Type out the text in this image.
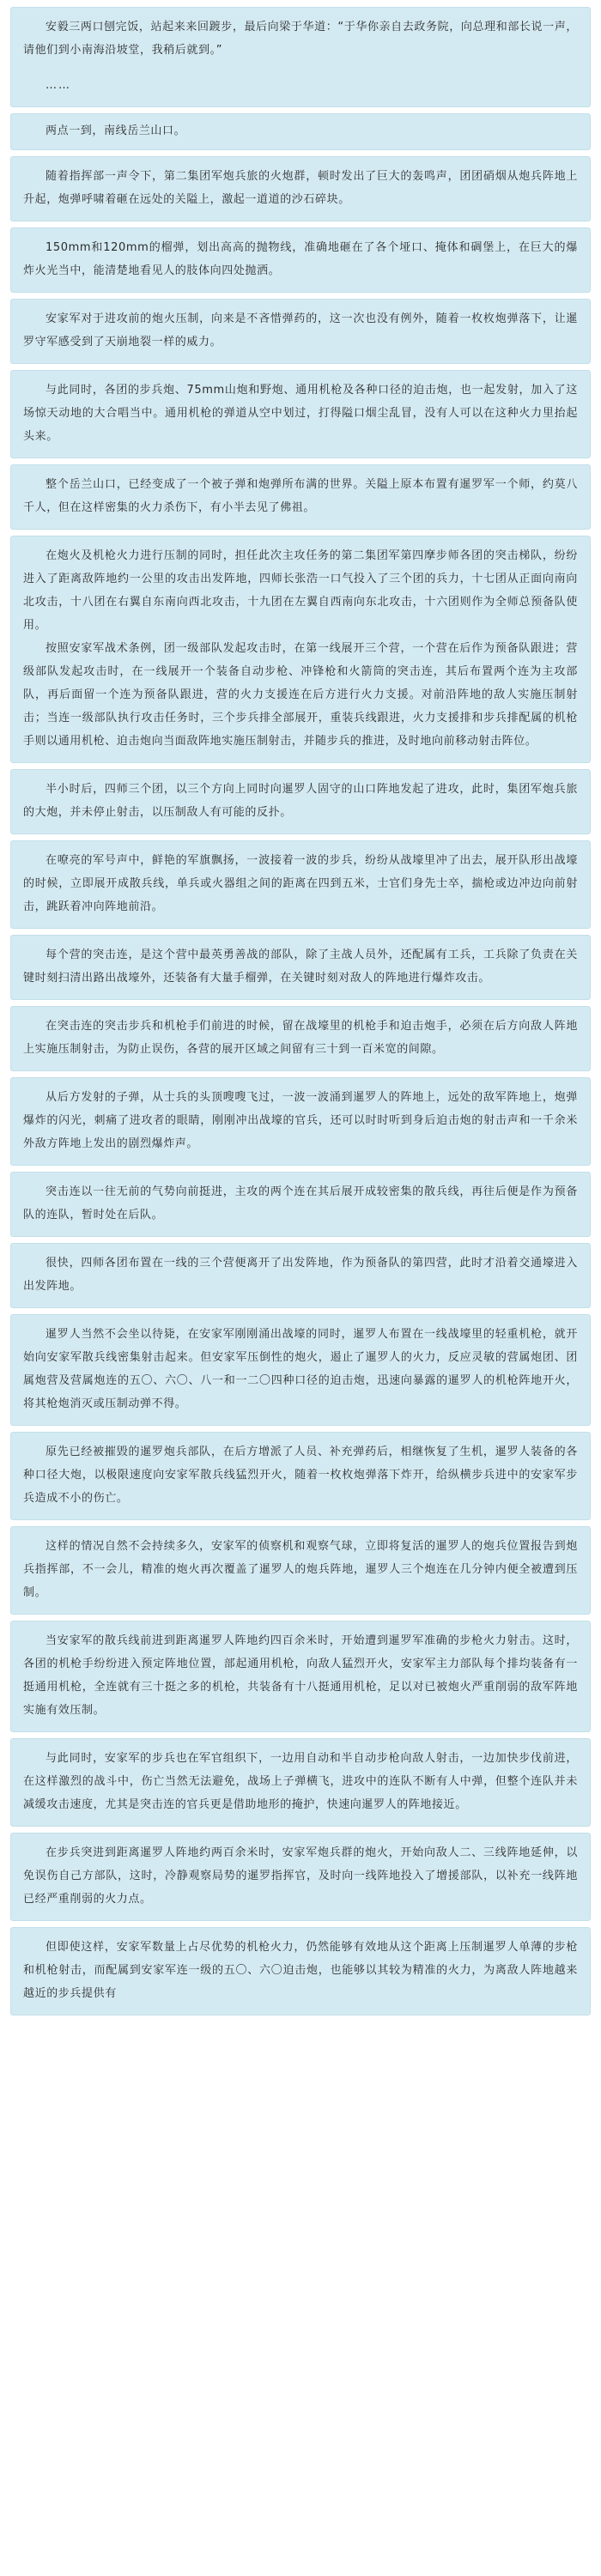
安毅三两口刨完饭，站起来来回踱步，最后向梁于华道：“于华你亲自去政务院，向总理和部长说一声，请他们到小南海沿坡堂，我稍后就到。”

……

两点一到，南线岳兰山口。

随着指挥部一声令下，第二集团军炮兵旅的火炮群，顿时发出了巨大的轰鸣声，团团硝烟从炮兵阵地上升起，炮弹呼啸着砸在远处的关隘上，激起一道道的沙石碎块。

150mm和120mm的榴弹，划出高高的抛物线，准确地砸在了各个垭口、掩体和碉堡上，在巨大的爆炸火光当中，能清楚地看见人的肢体向四处抛洒。

安家军对于进攻前的炮火压制，向来是不吝惜弹药的，这一次也没有例外，随着一枚枚炮弹落下，让暹罗守军感受到了天崩地裂一样的威力。

与此同时，各团的步兵炮、75mm山炮和野炮、通用机枪及各种口径的迫击炮，也一起发射，加入了这场惊天动地的大合唱当中。通用机枪的弹道从空中划过，打得隘口烟尘乱冒，没有人可以在这种火力里抬起头来。

整个岳兰山口，已经变成了一个被子弹和炮弹所布满的世界。关隘上原本布置有暹罗军一个师，约莫八千人，但在这样密集的火力杀伤下，有小半去见了佛祖。

在炮火及机枪火力进行压制的同时，担任此次主攻任务的第二集团军第四摩步师各团的突击梯队，纷纷进入了距离敌阵地约一公里的攻击出发阵地，四师长张浩一口气投入了三个团的兵力，十七团从正面向南向北攻击，十八团在右翼自东南向西北攻击，十九团在左翼自西南向东北攻击，十六团则作为全师总预备队使用。

按照安家军战术条例，团一级部队发起攻击时，在第一线展开三个营，一个营在后作为预备队跟进；营级部队发起攻击时，在一线展开一个装备自动步枪、冲锋枪和火箭筒的突击连，其后布置两个连为主攻部队，再后面留一个连为预备队跟进，营的火力支援连在后方进行火力支援。对前沿阵地的敌人实施压制射击；当连一级部队执行攻击任务时，三个步兵排全部展开，重装兵线跟进，火力支援排和步兵排配属的机枪手则以通用机枪、迫击炮向当面敌阵地实施压制射击，并随步兵的推进，及时地向前移动射击阵位。

半小时后，四师三个团，以三个方向上同时向暹罗人固守的山口阵地发起了进攻，此时，集团军炮兵旅的大炮，并未停止射击，以压制敌人有可能的反扑。

在嘹亮的军号声中，鲜艳的军旗飘扬，一波接着一波的步兵，纷纷从战壕里冲了出去，展开队形出战壕的时候，立即展开成散兵线，单兵或火器组之间的距离在四到五米，士官们身先士卒，揣枪或边冲边向前射击，跳跃着冲向阵地前沿。

每个营的突击连，是这个营中最英勇善战的部队，除了主战人员外，还配属有工兵，工兵除了负责在关键时刻扫清出路出战壕外，还装备有大量手榴弹，在关键时刻对敌人的阵地进行爆炸攻击。

在突击连的突击步兵和机枪手们前进的时候，留在战壕里的机枪手和迫击炮手，必须在后方向敌人阵地上实施压制射击，为防止误伤，各营的展开区域之间留有三十到一百米宽的间隙。

从后方发射的子弹，从士兵的头顶嗖嗖飞过，一波一波涌到暹罗人的阵地上，远处的敌军阵地上，炮弹爆炸的闪光，刺痛了进攻者的眼睛，刚刚冲出战壕的官兵，还可以时时听到身后迫击炮的射击声和一千余米外敌方阵地上发出的剧烈爆炸声。

突击连以一往无前的气势向前挺进，主攻的两个连在其后展开成较密集的散兵线，再往后便是作为预备队的连队，暂时处在后队。

很快，四师各团布置在一线的三个营便离开了出发阵地，作为预备队的第四营，此时才沿着交通壕进入出发阵地。

暹罗人当然不会坐以待毙，在安家军刚刚涌出战壕的同时，暹罗人布置在一线战壕里的轻重机枪，就开始向安家军散兵线密集射击起来。但安家军压倒性的炮火，遏止了暹罗人的火力，反应灵敏的营属炮团、团属炮营及营属炮连的五〇、六〇、八一和一二〇四种口径的迫击炮，迅速向暴露的暹罗人的机枪阵地开火，将其枪炮消灭或压制动弹不得。

原先已经被摧毁的暹罗炮兵部队，在后方增派了人员、补充弹药后，相继恢复了生机，暹罗人装备的各种口径大炮，以极限速度向安家军散兵线猛烈开火，随着一枚枚炮弹落下炸开，给纵横步兵进中的安家军步兵造成不小的伤亡。

这样的情况自然不会持续多久，安家军的侦察机和观察气球，立即将复活的暹罗人的炮兵位置报告到炮兵指挥部，不一会儿，精准的炮火再次覆盖了暹罗人的炮兵阵地，暹罗人三个炮连在几分钟内便全被遭到压制。

当安家军的散兵线前进到距离暹罗人阵地约四百余米时，开始遭到暹罗军准确的步枪火力射击。这时，各团的机枪手纷纷进入预定阵地位置，部起通用机枪，向敌人猛烈开火，安家军主力部队每个排均装备有一挺通用机枪，全连就有三十挺之多的机枪，共装备有十八挺通用机枪，足以对已被炮火严重削弱的敌军阵地实施有效压制。

与此同时，安家军的步兵也在军官组织下，一边用自动和半自动步枪向敌人射击，一边加快步伐前进，在这样激烈的战斗中，伤亡当然无法避免，战场上子弹横飞，进攻中的连队不断有人中弹，但整个连队并未减缓攻击速度，尤其是突击连的官兵更是借助地形的掩护，快速向暹罗人的阵地接近。

在步兵突进到距离暹罗人阵地约两百余米时，安家军炮兵群的炮火，开始向敌人二、三线阵地延伸，以免误伤自己方部队，这时，冷静观察局势的暹罗指挥官，及时向一线阵地投入了增援部队，以补充一线阵地已经严重削弱的火力点。

但即使这样，安家军数量上占尽优势的机枪火力，仍然能够有效地从这个距离上压制暹罗人单薄的步枪和机枪射击，而配属到安家军连一级的五〇、六〇迫击炮，也能够以其较为精准的火力，为离敌人阵地越来越近的步兵提供有
